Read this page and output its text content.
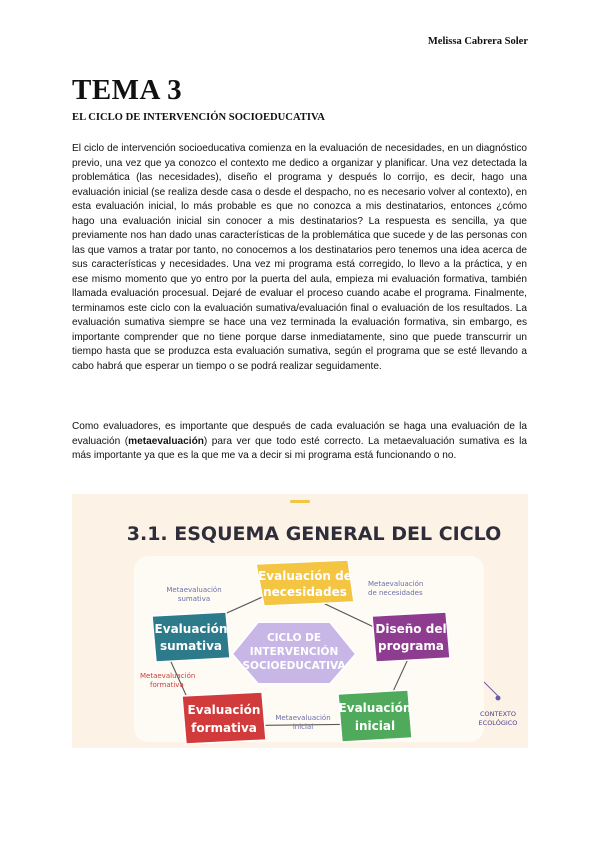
Melissa Cabrera Soler
TEMA 3
EL CICLO DE INTERVENCIÓN SOCIOEDUCATIVA

El ciclo de intervención socioeducativa comienza en la evaluación de necesidades, en un diagnóstico previo, una vez que ya conozco el contexto me dedico a organizar y planificar. Una vez detectada la problemática (las necesidades), diseño el programa y después lo corrijo, es decir, hago una evaluación inicial (se realiza desde casa o desde el despacho, no es necesario volver al contexto), en esta evaluación inicial, lo más probable es que no conozca a mis destinatarios, entonces ¿cómo hago una evaluación inicial sin conocer a mis destinatarios? La respuesta es sencilla, ya que previamente nos han dado unas características de la problemática que sucede y de las personas con las que vamos a tratar por tanto, no conocemos a los destinatarios pero tenemos una idea acerca de sus características y necesidades. Una vez mi programa está corregido, lo llevo a la práctica, y en ese mismo momento que yo entro por la puerta del aula, empieza mi evaluación formativa, también llamada evaluación procesual. Dejaré de evaluar el proceso cuando acabe el programa. Finalmente, terminamos este ciclo con la evaluación sumativa/evaluación final o evaluación de los resultados. La evaluación sumativa siempre se hace una vez terminada la evaluación formativa, sin embargo, es importante comprender que no tiene porque darse inmediatamente, sino que puede transcurrir un tiempo hasta que se produzca esta evaluación sumativa, según el programa que se esté llevando a cabo habrá que esperar un tiempo o se podrá realizar seguidamente.

Como evaluadores, es importante que después de cada evaluación se haga una evaluación de la evaluación (metaevaluación) para ver que todo esté correcto. La metaevaluación sumativa es la más importante ya que es la que me va a decir si mi programa está funcionando o no.

3.1. ESQUEMA GENERAL DEL CICLO
CICLO DE
INTERVENCIÓN
SOCIOEDUCATIVA
Evaluación de
necesidades
Diseño del
programa
Evaluación
inicial
Evaluación
formativa
Evaluación
sumativa
Metaevaluación
de necesidades
Metaevaluación
sumativa
Metaevaluación
formativa
Metaevaluación
inicial
CONTEXTO
ECOLÓGICO
